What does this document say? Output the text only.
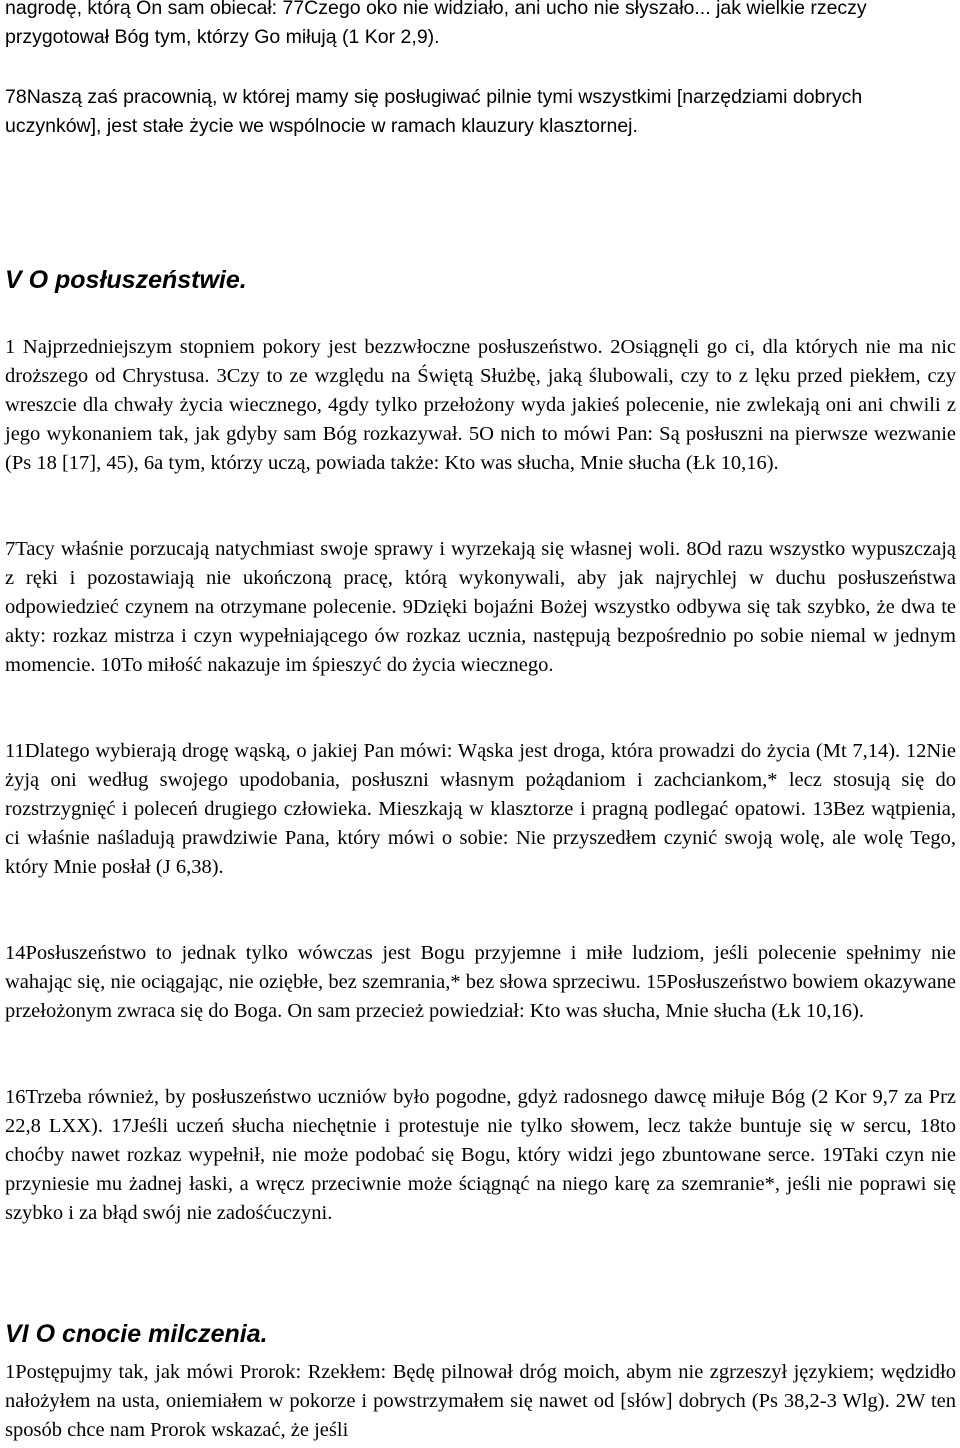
nagrodę, którą On sam obiecał: 77Czego oko nie widziało, ani ucho nie słyszało... jak wielkie rzeczy przygotował Bóg tym, którzy Go miłują (1 Kor 2,9).

78Naszą zaś pracownią, w której mamy się posługiwać pilnie tymi wszystkimi [narzędziami dobrych uczynków], jest stałe życie we wspólnocie w ramach klauzury klasztornej.

V O posłuszeństwie.

1 Najprzedniejszym stopniem pokory jest bezzwłoczne posłuszeństwo. 2Osiągnęli go ci, dla których nie ma nic droższego od Chrystusa. 3Czy to ze względu na Świętą Służbę, jaką ślubowali, czy to z lęku przed piekłem, czy wreszcie dla chwały życia wiecznego, 4gdy tylko przełożony wyda jakieś polecenie, nie zwlekają oni ani chwili z jego wykonaniem tak, jak gdyby sam Bóg rozkazywał. 5O nich to mówi Pan: Są posłuszni na pierwsze wezwanie (Ps 18 [17], 45), 6a tym, którzy uczą, powiada także: Kto was słucha, Mnie słucha (Łk 10,16).

7Tacy właśnie porzucają natychmiast swoje sprawy i wyrzekają się własnej woli. 8Od razu wszystko wypuszczają z ręki i pozostawiają nie ukończoną pracę, którą wykonywali, aby jak najrychlej w duchu posłuszeństwa odpowiedzieć czynem na otrzymane polecenie. 9Dzięki bojaźni Bożej wszystko odbywa się tak szybko, że dwa te akty: rozkaz mistrza i czyn wypełniającego ów rozkaz ucznia, następują bezpośrednio po sobie niemal w jednym momencie. 10To miłość nakazuje im śpieszyć do życia wiecznego.

11Dlatego wybierają drogę wąską, o jakiej Pan mówi: Wąska jest droga, która prowadzi do życia (Mt 7,14). 12Nie żyją oni według swojego upodobania, posłuszni własnym pożądaniom i zachciankom,* lecz stosują się do rozstrzygnięć i poleceń drugiego człowieka. Mieszkają w klasztorze i pragną podlegać opatowi. 13Bez wątpienia, ci właśnie naśladują prawdziwie Pana, który mówi o sobie: Nie przyszedłem czynić swoją wolę, ale wolę Tego, który Mnie posłał (J 6,38).

14Posłuszeństwo to jednak tylko wówczas jest Bogu przyjemne i miłe ludziom, jeśli polecenie spełnimy nie wahając się, nie ociągając, nie oziębłe, bez szemrania,* bez słowa sprzeciwu. 15Posłuszeństwo bowiem okazywane przełożonym zwraca się do Boga. On sam przecież powiedział: Kto was słucha, Mnie słucha (Łk 10,16).

16Trzeba również, by posłuszeństwo uczniów było pogodne, gdyż radosnego dawcę miłuje Bóg (2 Kor 9,7 za Prz 22,8 LXX). 17Jeśli uczeń słucha niechętnie i protestuje nie tylko słowem, lecz także buntuje się w sercu, 18to choćby nawet rozkaz wypełnił, nie może podobać się Bogu, który widzi jego zbuntowane serce. 19Taki czyn nie przyniesie mu żadnej łaski, a wręcz przeciwnie może ściągnąć na niego karę za szemranie*, jeśli nie poprawi się szybko i za błąd swój nie zadośćuczyni.

VI O cnocie milczenia.

1Postępujmy tak, jak mówi Prorok: Rzekłem: Będę pilnował dróg moich, abym nie zgrzeszył językiem; wędzidło nałożyłem na usta, oniemiałem w pokorze i powstrzymałem się nawet od [słów] dobrych (Ps 38,2-3 Wlg). 2W ten sposób chce nam Prorok wskazać, że jeśli
